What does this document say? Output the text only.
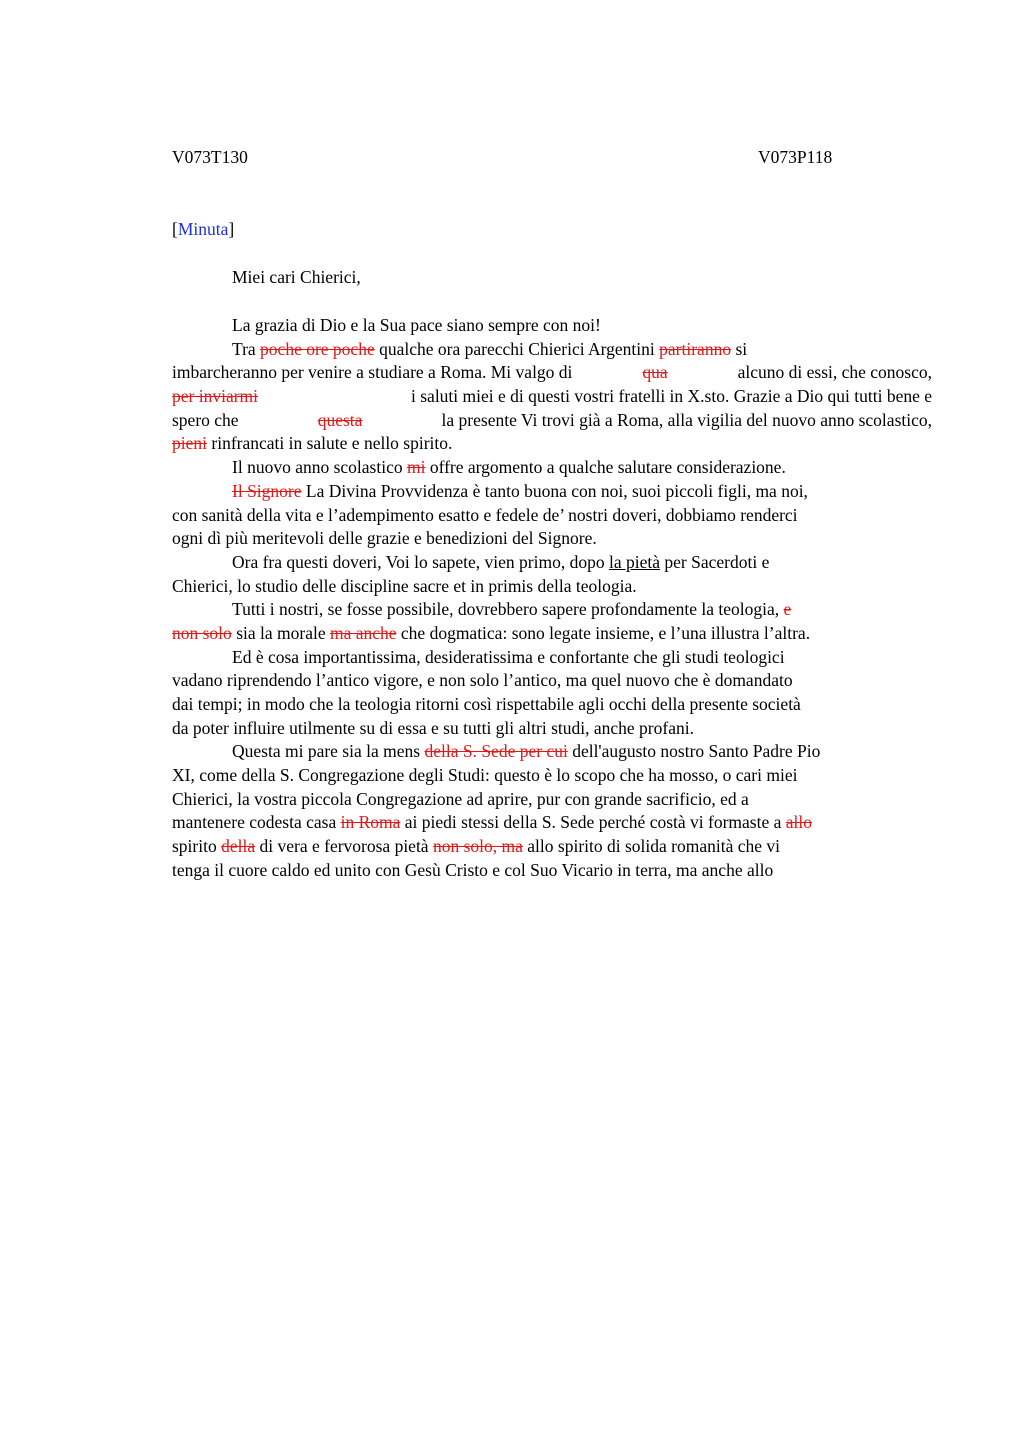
V073T130	V073P118
[Minuta]
Miei cari Chierici,
La grazia di Dio e la Sua pace siano sempre con noi!
Tra poche ore poche qualche ora parecchi Chierici Argentini partiranno si
imbarcheranno per venire a studiare a Roma. Mi valgo di	qua	alcuno di essi, che conosco,
per inviarmi	i saluti miei e di questi vostri fratelli in X.sto. Grazie a Dio qui tutti bene e
spero che	questa	la presente Vi trovi già a Roma, alla vigilia del nuovo anno scolastico,
pieni rinfrancati in salute e nello spirito.
Il nuovo anno scolastico mi offre argomento a qualche salutare considerazione.
Il Signore La Divina Provvidenza è tanto buona con noi, suoi piccoli figli, ma noi,
con sanità della vita e l’adempimento esatto e fedele de’ nostri doveri, dobbiamo renderci
ogni dì più meritevoli delle grazie e benedizioni del Signore.
Ora fra questi doveri, Voi lo sapete, vien primo, dopo la pietà per Sacerdoti e
Chierici, lo studio delle discipline sacre et in primis della teologia.
Tutti i nostri, se fosse possibile, dovrebbero sapere profondamente la teologia, e
non solo sia la morale ma anche che dogmatica: sono legate insieme, e l’una illustra l’altra.
Ed è cosa importantissima, desideratissima e confortante che gli studi teologici
vadano riprendendo l’antico vigore, e non solo l’antico, ma quel nuovo che è domandato
dai tempi; in modo che la teologia ritorni così rispettabile agli occhi della presente società
da poter influire utilmente su di essa e su tutti gli altri studi, anche profani.
Questa mi pare sia la mens della S. Sede per cui dell'augusto nostro Santo Padre Pio
XI, come della S. Congregazione degli Studi: questo è lo scopo che ha mosso, o cari miei
Chierici, la vostra piccola Congregazione ad aprire, pur con grande sacrificio, ed a
mantenere codesta casa in Roma ai piedi stessi della S. Sede perché costà vi formaste a allo
spirito della di vera e fervorosa pietà non solo, ma allo spirito di solida romanità che vi
tenga il cuore caldo ed unito con Gesù Cristo e col Suo Vicario in terra, ma anche allo
